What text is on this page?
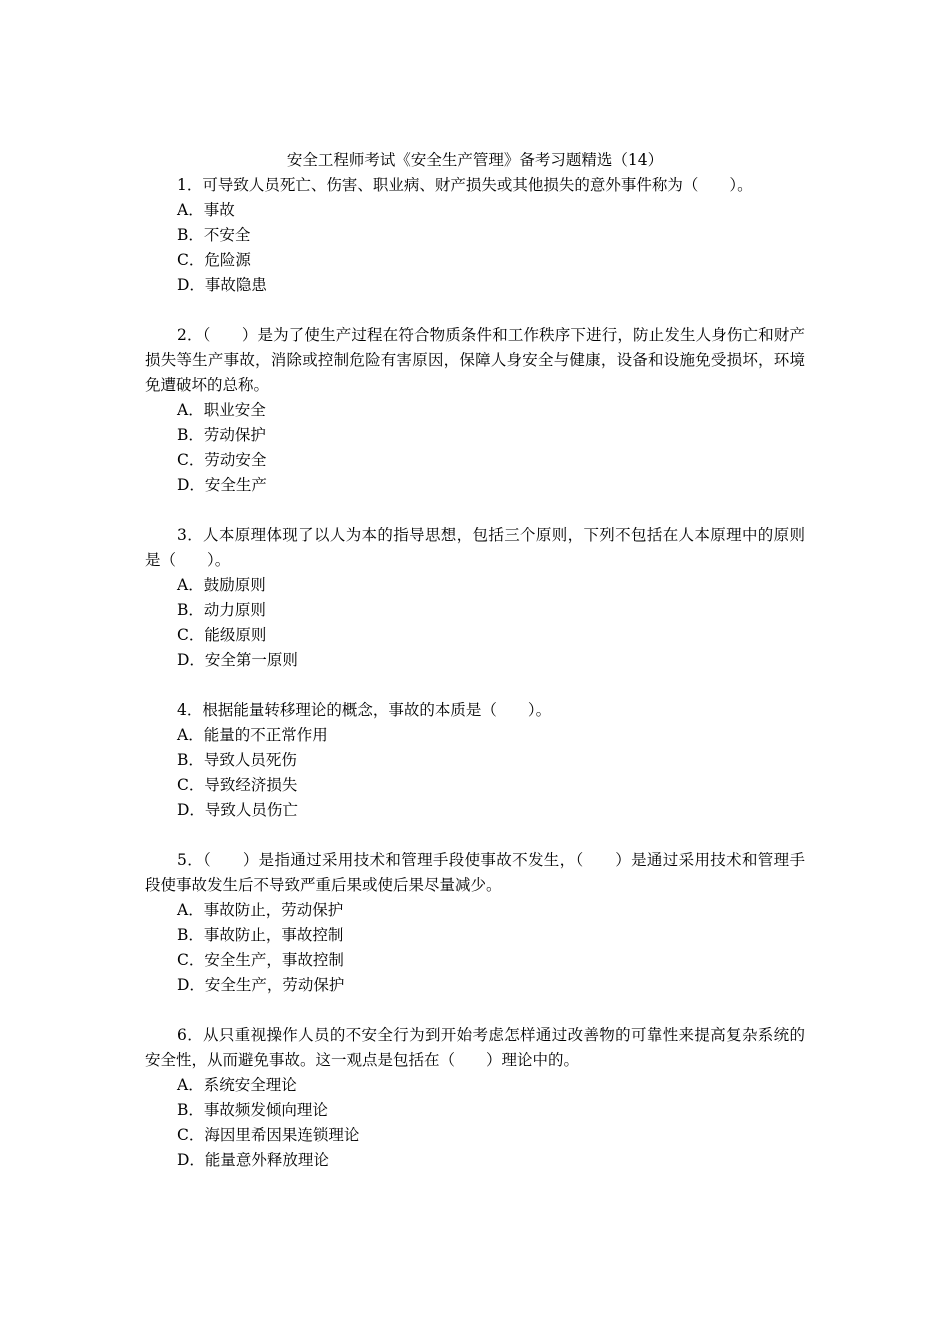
安全工程师考试《安全生产管理》备考习题精选（14）

1．可导致人员死亡、伤害、职业病、财产损失或其他损失的意外事件称为（　　）。

A．事故

B．不安全

C．危险源

D．事故隐患

2．（　　）是为了使生产过程在符合物质条件和工作秩序下进行，防止发生人身伤亡和财产损失等生产事故，消除或控制危险有害原因，保障人身安全与健康，设备和设施免受损坏，环境免遭破坏的总称。

A．职业安全

B．劳动保护

C．劳动安全

D．安全生产

3．人本原理体现了以人为本的指导思想，包括三个原则，下列不包括在人本原理中的原则是（　　）。

A．鼓励原则

B．动力原则

C．能级原则

D．安全第一原则

4．根据能量转移理论的概念，事故的本质是（　　）。

A．能量的不正常作用

B．导致人员死伤

C．导致经济损失

D．导致人员伤亡

5．（　　）是指通过采用技术和管理手段使事故不发生，（　　）是通过采用技术和管理手段使事故发生后不导致严重后果或使后果尽量减少。

A．事故防止，劳动保护

B．事故防止，事故控制

C．安全生产，事故控制

D．安全生产，劳动保护

6．从只重视操作人员的不安全行为到开始考虑怎样通过改善物的可靠性来提高复杂系统的安全性，从而避免事故。这一观点是包括在（　　）理论中的。

A．系统安全理论

B．事故频发倾向理论

C．海因里希因果连锁理论

D．能量意外释放理论
